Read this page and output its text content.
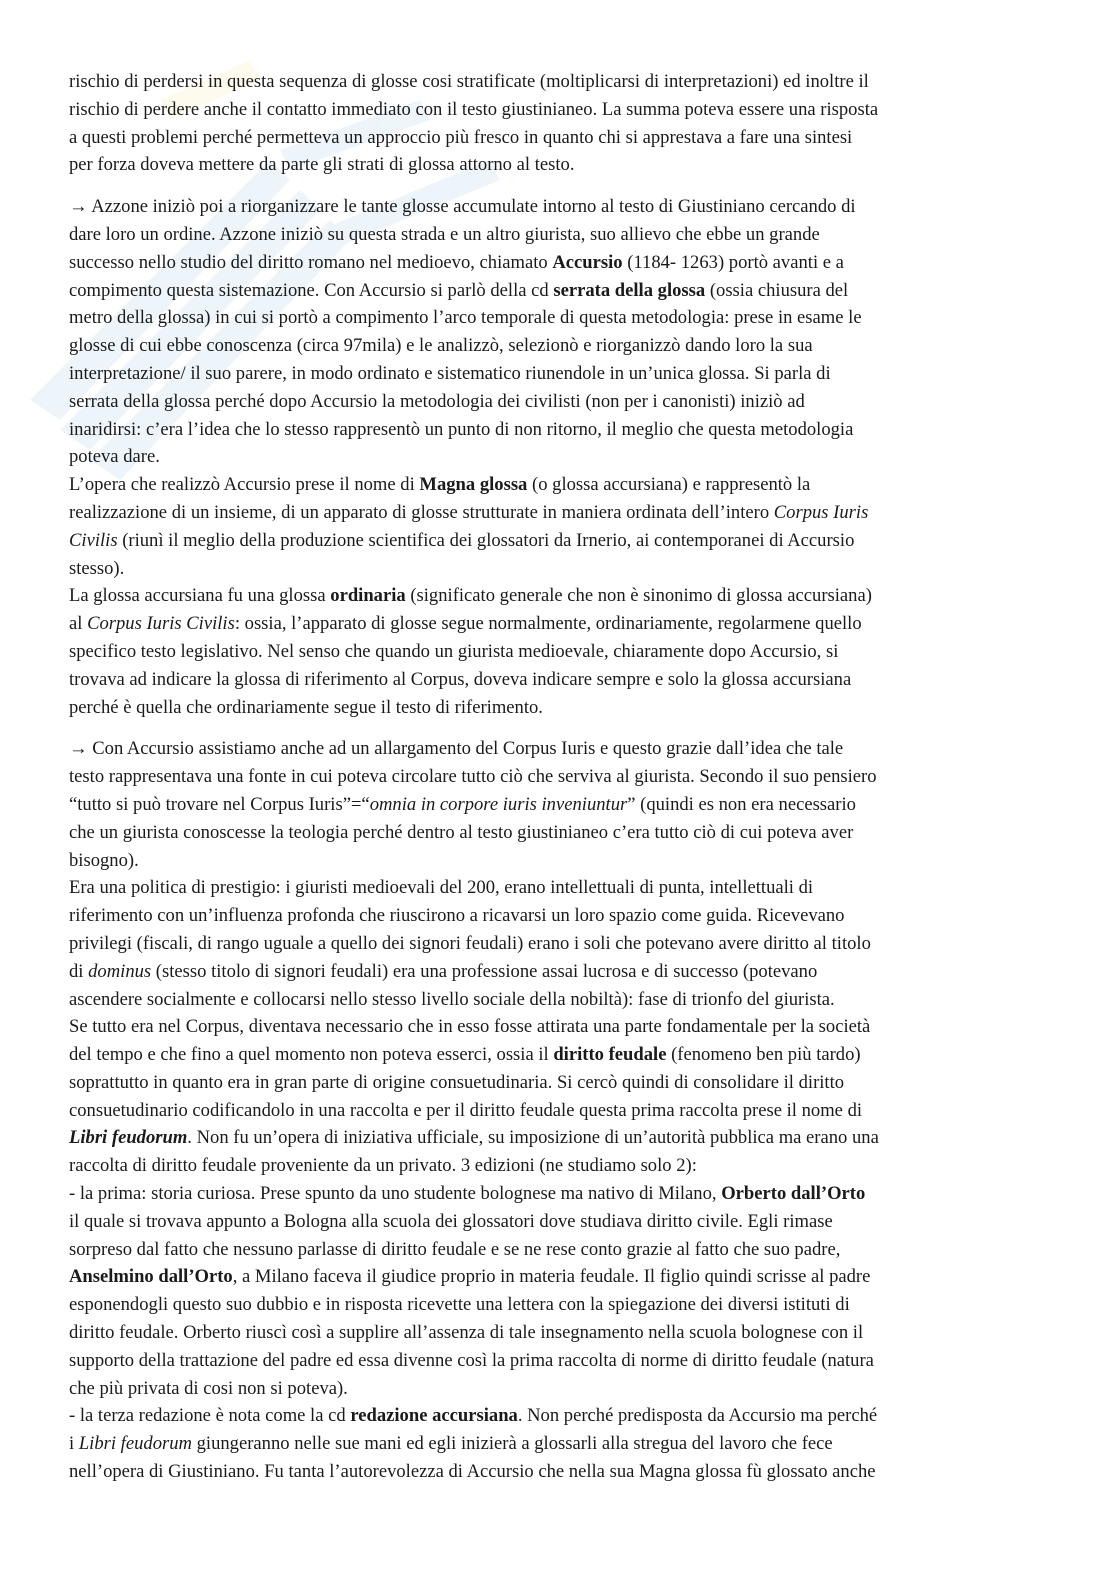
rischio di perdersi in questa sequenza di glosse cosi stratificate (moltiplicarsi di interpretazioni) ed inoltre il
rischio di perdere anche il contatto immediato con il testo giustinianeo. La summa poteva essere una risposta
a questi problemi perché permetteva un approccio più fresco in quanto chi si apprestava a fare una sintesi
per forza doveva mettere da parte gli strati di glossa attorno al testo.

→ Azzone iniziò poi a riorganizzare le tante glosse accumulate intorno al testo di Giustiniano cercando di
dare loro un ordine. Azzone iniziò su questa strada e un altro giurista, suo allievo che ebbe un grande
successo nello studio del diritto romano nel medioevo, chiamato Accursio (1184- 1263) portò avanti e a
compimento questa sistemazione. Con Accursio si parlò della cd serrata della glossa (ossia chiusura del
metro della glossa) in cui si portò a compimento l’arco temporale di questa metodologia: prese in esame le
glosse di cui ebbe conoscenza (circa 97mila) e le analizzò, selezionò e riorganizzò dando loro la sua
interpretazione/ il suo parere, in modo ordinato e sistematico riunendole in un’unica glossa. Si parla di
serrata della glossa perché dopo Accursio la metodologia dei civilisti (non per i canonisti) iniziò ad
inaridirsi: c’era l’idea che lo stesso rappresentò un punto di non ritorno, il meglio che questa metodologia
poteva dare.

L’opera che realizzò Accursio prese il nome di Magna glossa (o glossa accursiana) e rappresentò la
realizzazione di un insieme, di un apparato di glosse strutturate in maniera ordinata dell’intero Corpus Iuris
Civilis (riunì il meglio della produzione scientifica dei glossatori da Irnerio, ai contemporanei di Accursio
stesso).

La glossa accursiana fu una glossa ordinaria (significato generale che non è sinonimo di glossa accursiana)
al Corpus Iuris Civilis: ossia, l’apparato di glosse segue normalmente, ordinariamente, regolarmene quello
specifico testo legislativo. Nel senso che quando un giurista medioevale, chiaramente dopo Accursio, si
trovava ad indicare la glossa di riferimento al Corpus, doveva indicare sempre e solo la glossa accursiana
perché è quella che ordinariamente segue il testo di riferimento.

→ Con Accursio assistiamo anche ad un allargamento del Corpus Iuris e questo grazie dall’idea che tale
testo rappresentava una fonte in cui poteva circolare tutto ciò che serviva al giurista. Secondo il suo pensiero
“tutto si può trovare nel Corpus Iuris”=“omnia in corpore iuris inveniuntur” (quindi es non era necessario
che un giurista conoscesse la teologia perché dentro al testo giustinianeo c’era tutto ciò di cui poteva aver
bisogno).

Era una politica di prestigio: i giuristi medioevali del 200, erano intellettuali di punta, intellettuali di
riferimento con un’influenza profonda che riuscirono a ricavarsi un loro spazio come guida. Ricevevano
privilegi (fiscali, di rango uguale a quello dei signori feudali) erano i soli che potevano avere diritto al titolo
di dominus (stesso titolo di signori feudali) era una professione assai lucrosa e di successo (potevano
ascendere socialmente e collocarsi nello stesso livello sociale della nobiltà): fase di trionfo del giurista.

Se tutto era nel Corpus, diventava necessario che in esso fosse attirata una parte fondamentale per la società
del tempo e che fino a quel momento non poteva esserci, ossia il diritto feudale (fenomeno ben più tardo)
soprattutto in quanto era in gran parte di origine consuetudinaria. Si cercò quindi di consolidare il diritto
consuetudinario codificandolo in una raccolta e per il diritto feudale questa prima raccolta prese il nome di
Libri feudorum. Non fu un’opera di iniziativa ufficiale, su imposizione di un’autorità pubblica ma erano una
raccolta di diritto feudale proveniente da un privato. 3 edizioni (ne studiamo solo 2):

- la prima: storia curiosa. Prese spunto da uno studente bolognese ma nativo di Milano, Orberto dall’Orto
il quale si trovava appunto a Bologna alla scuola dei glossatori dove studiava diritto civile. Egli rimase
sorpreso dal fatto che nessuno parlasse di diritto feudale e se ne rese conto grazie al fatto che suo padre,
Anselmino dall’Orto, a Milano faceva il giudice proprio in materia feudale. Il figlio quindi scrisse al padre
esponendogli questo suo dubbio e in risposta ricevette una lettera con la spiegazione dei diversi istituti di
diritto feudale. Orberto riuscì così a supplire all’assenza di tale insegnamento nella scuola bolognese con il
supporto della trattazione del padre ed essa divenne così la prima raccolta di norme di diritto feudale (natura
che più privata di cosi non si poteva).

- la terza redazione è nota come la cd redazione accursiana. Non perché predisposta da Accursio ma perché
i Libri feudorum giungeranno nelle sue mani ed egli inizierà a glossarli alla stregua del lavoro che fece
nell’opera di Giustiniano. Fu tanta l’autorevolezza di Accursio che nella sua Magna glossa fù glossato anche
